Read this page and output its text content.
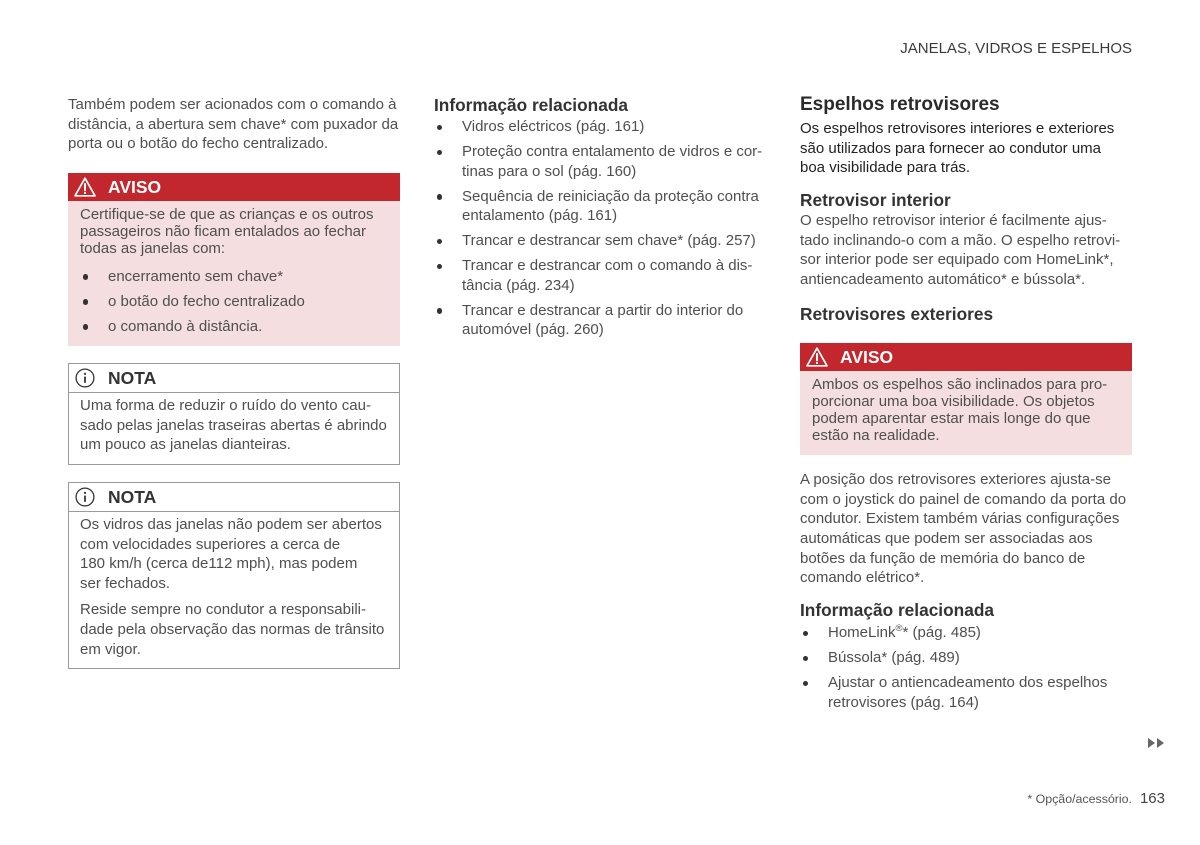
JANELAS, VIDROS E ESPELHOS
Também podem ser acionados com o comando à
distância, a abertura sem chave* com puxador da
porta ou o botão do fecho centralizado.
AVISO
Certifique-se de que as crianças e os outros
passageiros não ficam entalados ao fechar
todas as janelas com:
encerramento sem chave*
o botão do fecho centralizado
o comando à distância.
NOTA
Uma forma de reduzir o ruído do vento cau-
sado pelas janelas traseiras abertas é abrindo
um pouco as janelas dianteiras.
NOTA
Os vidros das janelas não podem ser abertos
com velocidades superiores a cerca de
180 km/h (cerca de112 mph), mas podem
ser fechados.
Reside sempre no condutor a responsabili-
dade pela observação das normas de trânsito
em vigor.
Informação relacionada
Vidros eléctricos (pág. 161)
Proteção contra entalamento de vidros e cor-
tinas para o sol (pág. 160)
Sequência de reiniciação da proteção contra
entalamento (pág. 161)
Trancar e destrancar sem chave* (pág. 257)
Trancar e destrancar com o comando à dis-
tância (pág. 234)
Trancar e destrancar a partir do interior do
automóvel (pág. 260)
Espelhos retrovisores
Os espelhos retrovisores interiores e exteriores
são utilizados para fornecer ao condutor uma
boa visibilidade para trás.
Retrovisor interior
O espelho retrovisor interior é facilmente ajus-
tado inclinando-o com a mão. O espelho retrovi-
sor interior pode ser equipado com HomeLink*,
antiencadeamento automático* e bússola*.
Retrovisores exteriores
AVISO
Ambos os espelhos são inclinados para pro-
porcionar uma boa visibilidade. Os objetos
podem aparentar estar mais longe do que
estão na realidade.
A posição dos retrovisores exteriores ajusta-se
com o joystick do painel de comando da porta do
condutor. Existem também várias configurações
automáticas que podem ser associadas aos
botões da função de memória do banco de
comando elétrico*.
Informação relacionada
HomeLink®* (pág. 485)
Bússola* (pág. 489)
Ajustar o antiencadeamento dos espelhos
retrovisores (pág. 164)
* Opção/acessório. 163
